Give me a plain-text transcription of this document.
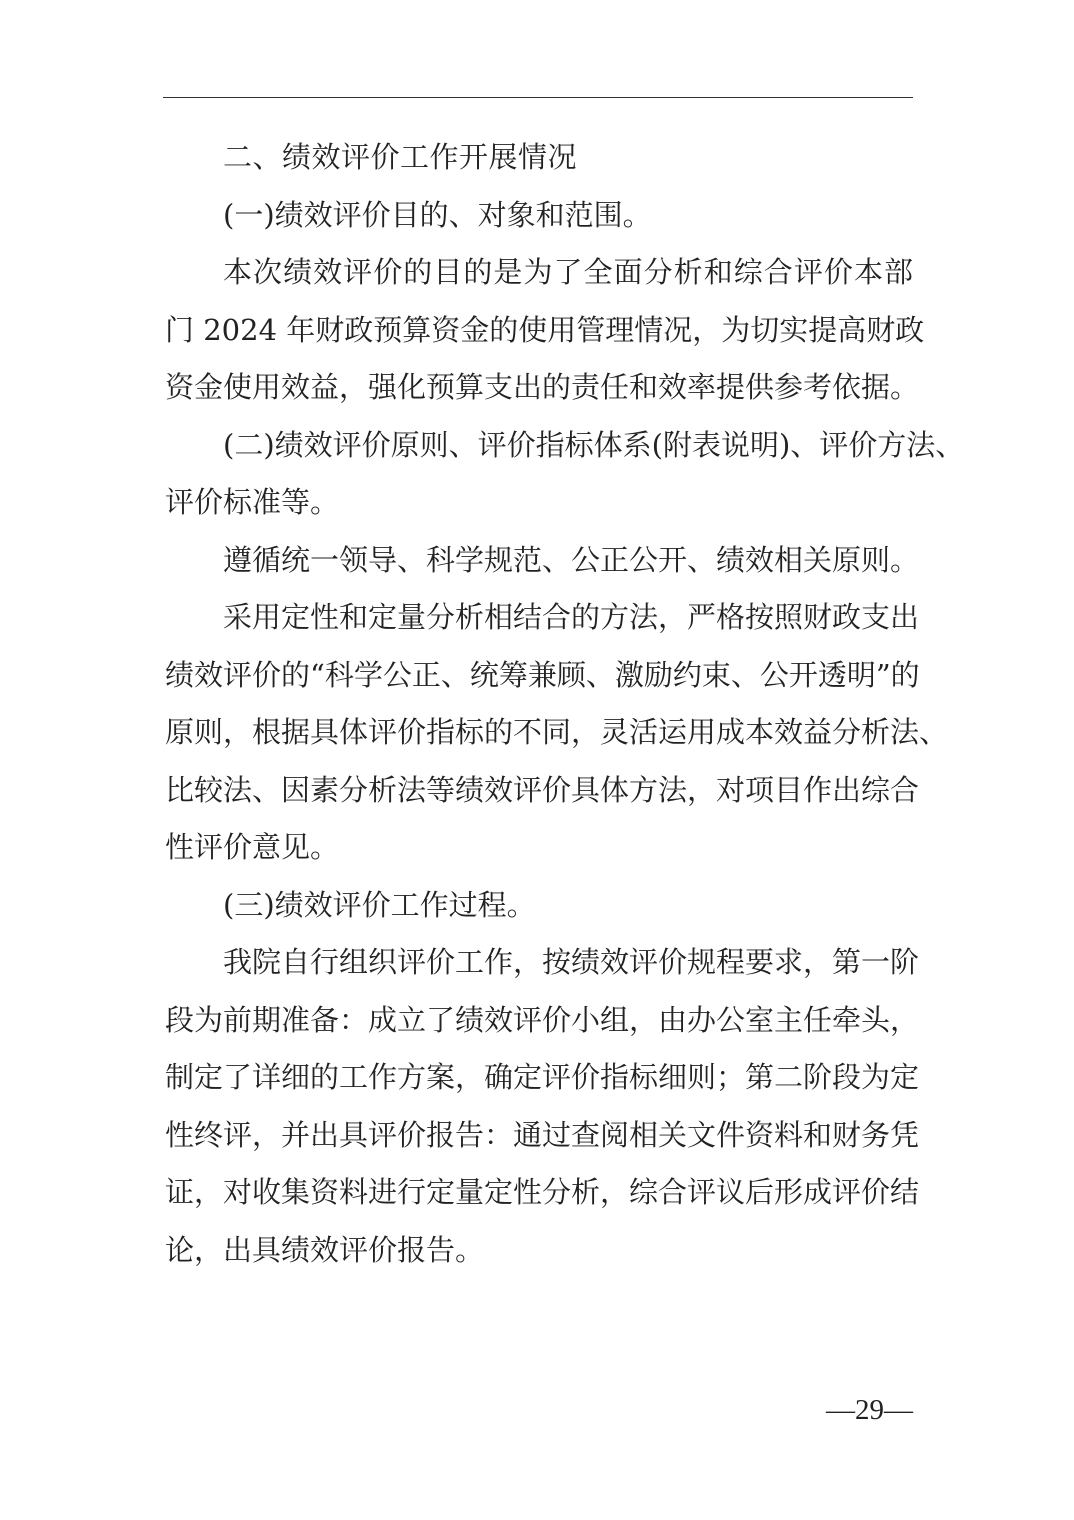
二、绩效评价工作开展情况
(一)绩效评价目的、对象和范围。
本次绩效评价的目的是为了全面分析和综合评价本部
门 2024 年财政预算资金的使用管理情况，为切实提高财政
资金使用效益，强化预算支出的责任和效率提供参考依据。
(二)绩效评价原则、评价指标体系(附表说明)、评价方法、
评价标准等。
遵循统一领导、科学规范、公正公开、绩效相关原则。
采用定性和定量分析相结合的方法，严格按照财政支出
绩效评价的“科学公正、统筹兼顾、激励约束、公开透明”的
原则，根据具体评价指标的不同，灵活运用成本效益分析法、
比较法、因素分析法等绩效评价具体方法，对项目作出综合
性评价意见。
(三)绩效评价工作过程。
我院自行组织评价工作，按绩效评价规程要求，第一阶
段为前期准备：成立了绩效评价小组，由办公室主任牵头，
制定了详细的工作方案，确定评价指标细则；第二阶段为定
性终评，并出具评价报告：通过查阅相关文件资料和财务凭
证，对收集资料进行定量定性分析，综合评议后形成评价结
论，出具绩效评价报告。
—29—
